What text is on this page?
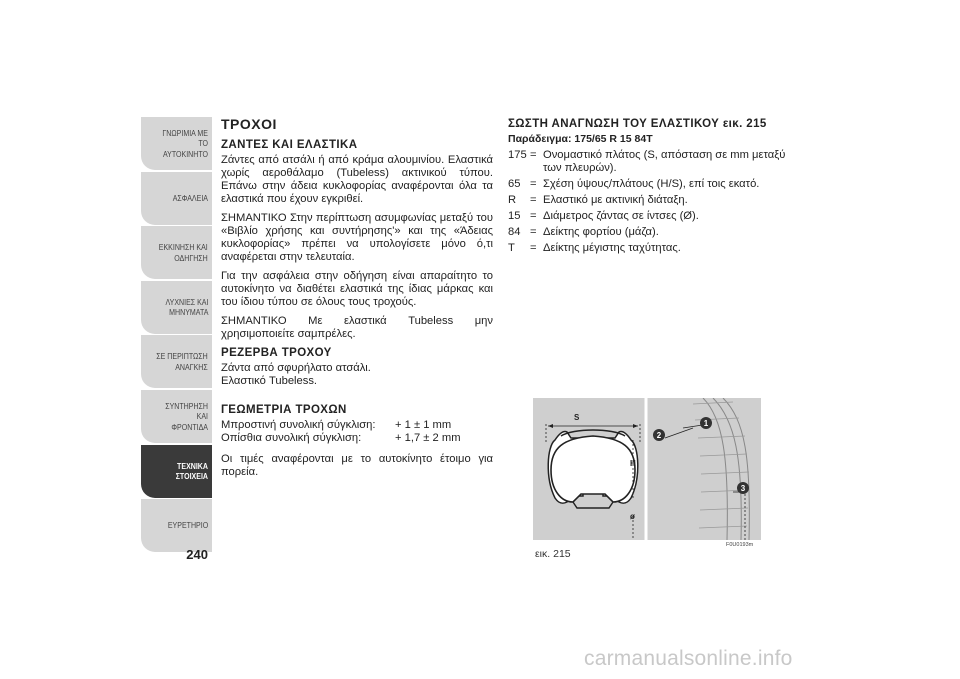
ΓΝΩΡΙΜΙΑ ΜΕ ΤΟ
ΑΥΤΟΚΙΝΗΤΟ
ΑΣΦΑΛΕΙΑ
ΕΚΚΙΝΗΣΗ ΚΑΙ
ΟΔΗΓΗΣΗ
ΛΥΧΝΙΕΣ ΚΑΙ
ΜΗΝΥΜΑΤΑ
ΣΕ ΠΕΡΙΠΤΩΣΗ
ΑΝΑΓΚΗΣ
ΣΥΝΤΗΡΗΣΗ ΚΑΙ
ΦΡΟΝΤΙΔΑ
ΤΕΧΝΙΚΑ ΣΤΟΙΧΕΙΑ
ΕΥΡΕΤΗΡΙΟ
240
ΤΡΟΧΟΙ
ΖΑΝΤΕΣ ΚΑΙ ΕΛΑΣΤΙΚΑ

Ζάντες από ατσάλι ή από κράμα αλουμινίου. Ελαστικά χωρίς αεροθάλαμο (Tubeless) ακτινικού τύπου. Επάνω στην άδεια κυκλοφορίας αναφέρονται όλα τα ελαστικά που έχουν εγκριθεί.

ΣΗΜΑΝΤΙΚΟ Στην περίπτωση ασυμφωνίας μεταξύ του «Βιβλίο χρήσης και συντήρησης'» και της «Άδειας κυκλοφορίας» πρέπει να υπολογίσετε μόνο ό,τι αναφέρεται στην τελευταία.

Για την ασφάλεια στην οδήγηση είναι απαραίτητο το αυτοκίνητο να διαθέτει ελαστικά της ίδιας μάρκας και του ίδιου τύπου σε όλους τους τροχούς.

ΣΗΜΑΝΤΙΚΟ Με ελαστικά Tubeless μην χρησιμοποιείτε σαμπρέλες.

ΡΕΖΕΡΒΑ ΤΡΟΧΟΥ
Ζάντα από σφυρήλατο ατσάλι.
Ελαστικό Tubeless.
ΓΕΩΜΕΤΡΙΑ ΤΡΟΧΩΝ
Μπροστινή συνολική σύγκλιση:	+ 1 ± 1 mm
Οπίσθια συνολική σύγκλιση:	+ 1,7 ± 2 mm

Οι τιμές αναφέρονται με το αυτοκίνητο έτοιμο για πορεία.

ΣΩΣΤΗ ΑΝΑΓΝΩΣΗ ΤΟΥ ΕΛΑΣΤΙΚΟΥ εικ. 215
Παράδειγμα: 175/65 R 15 84T
175 = Ονομαστικό πλάτος (S, απόσταση σε mm μεταξύ των πλευρών).
65 = Σχέση ύψους/πλάτους (H/S), επί τοις εκατό.
R	= Ελαστικό με ακτινική διάταξη.
15 = Διάμετρος ζάντας σε ίντσες (Ø).
84 = Δείκτης φορτίου (μάζα).
T	= Δείκτης μέγιστης ταχύτητας.
S
H
ø
1
2
3
F0U0193m
εικ. 215
carmanualsonline.info
